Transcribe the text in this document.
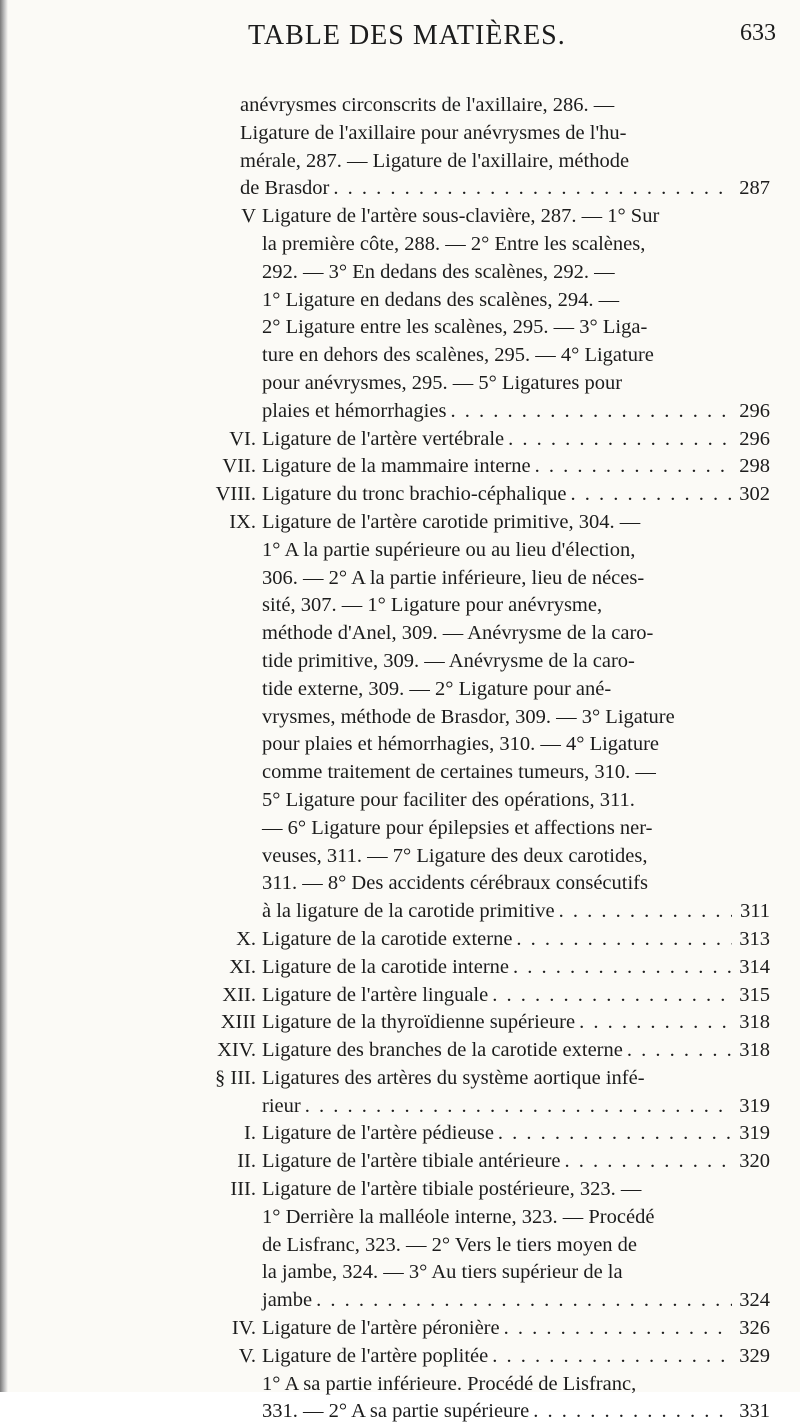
TABLE DES MATIÈRES.	633
anévrysmes circonscrits de l'axillaire, 286. —
Ligature de l'axillaire pour anévrysmes de l'hu-
mérale, 287. — Ligature de l'axillaire, méthode
de Brasdor . . .	287
V Ligature de l'artère sous-clavière, 287. — 1° Sur
la première côte, 288. — 2° Entre les scalènes,
292. — 3° En dedans des scalènes, 292. —
1° Ligature en dedans des scalènes, 294. —
2° Ligature entre les scalènes, 295. — 3° Liga-
ture en dehors des scalènes, 295. — 4° Ligature
pour anévrysmes, 295. — 5° Ligatures pour
plaies et hémorrhagies . . .	296
VI. Ligature de l'artère vertébrale . . .	296
VII. Ligature de la mammaire interne . . .	298
VIII. Ligature du tronc brachio-céphalique . . .	302
IX. Ligature de l'artère carotide primitive, 304. —
1° A la partie supérieure ou au lieu d'élection,
306. — 2° A la partie inférieure, lieu de néces-
sité, 307. — 1° Ligature pour anévrysme,
méthode d'Anel, 309. — Anévrysme de la caro-
tide primitive, 309. — Anévrysme de la caro-
tide externe, 309. — 2° Ligature pour ané-
vrysmes, méthode de Brasdor, 309. — 3° Ligature
pour plaies et hémorrhagies, 310. — 4° Ligature
comme traitement de certaines tumeurs, 310. —
5° Ligature pour faciliter des opérations, 311.
— 6° Ligature pour épilepsies et affections ner-
veuses, 311. — 7° Ligature des deux carotides,
311. — 8° Des accidents cérébraux consécutifs
à la ligature de la carotide primitive . . .	311
X. Ligature de la carotide externe . . .	313
XI. Ligature de la carotide interne . . .	314
XII. Ligature de l'artère linguale . . .	315
XIII Ligature de la thyroïdienne supérieure . . .	318
XIV. Ligature des branches de la carotide externe . . .	318
§ III. Ligatures des artères du système aortique infé-
rieur . . .	319
I. Ligature de l'artère pédieuse . . .	319
II. Ligature de l'artère tibiale antérieure . . .	320
III. Ligature de l'artère tibiale postérieure, 323. —
1° Derrière la malléole interne, 323. — Procédé
de Lisfranc, 323. — 2° Vers le tiers moyen de
la jambe, 324. — 3° Au tiers supérieur de la
jambe . . .	324
IV. Ligature de l'artère péronière . . .	326
V. Ligature de l'artère poplitée . . .	329
1° A sa partie inférieure. Procédé de Lisfranc,
331. — 2° A sa partie supérieure . . .	331
